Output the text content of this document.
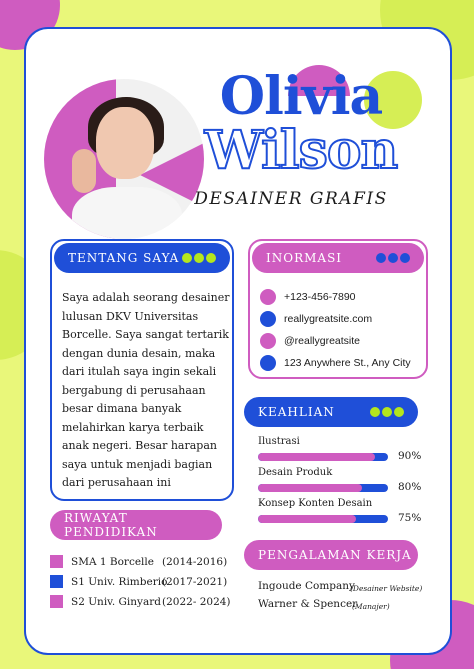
Olivia
Wilson
DESAINER GRAFIS
TENTANG SAYA
Saya adalah seorang desainer lulusan DKV Universitas Borcelle. Saya sangat tertarik dengan dunia desain, maka dari itulah saya ingin sekali bergabung di perusahaan besar dimana banyak melahirkan karya terbaik anak negeri. Besar harapan saya untuk menjadi bagian dari perusahaan ini
INORMASI
+123-456-7890
reallygreatsite.com
@reallygreatsite
123 Anywhere St., Any City
KEAHLIAN
Ilustrasi
90%
Desain Produk
80%
Konsep Konten Desain
75%
RIWAYAT PENDIDIKAN
SMA 1 Borcelle (2014-2016)
S1 Univ. Rimberio
(2017-2021)
S2 Univ. Ginyard (2022- 2024)
PENGALAMAN KERJA
Ingoude Company
(Desainer Website)
Warner & Spencer
(Manajer)
